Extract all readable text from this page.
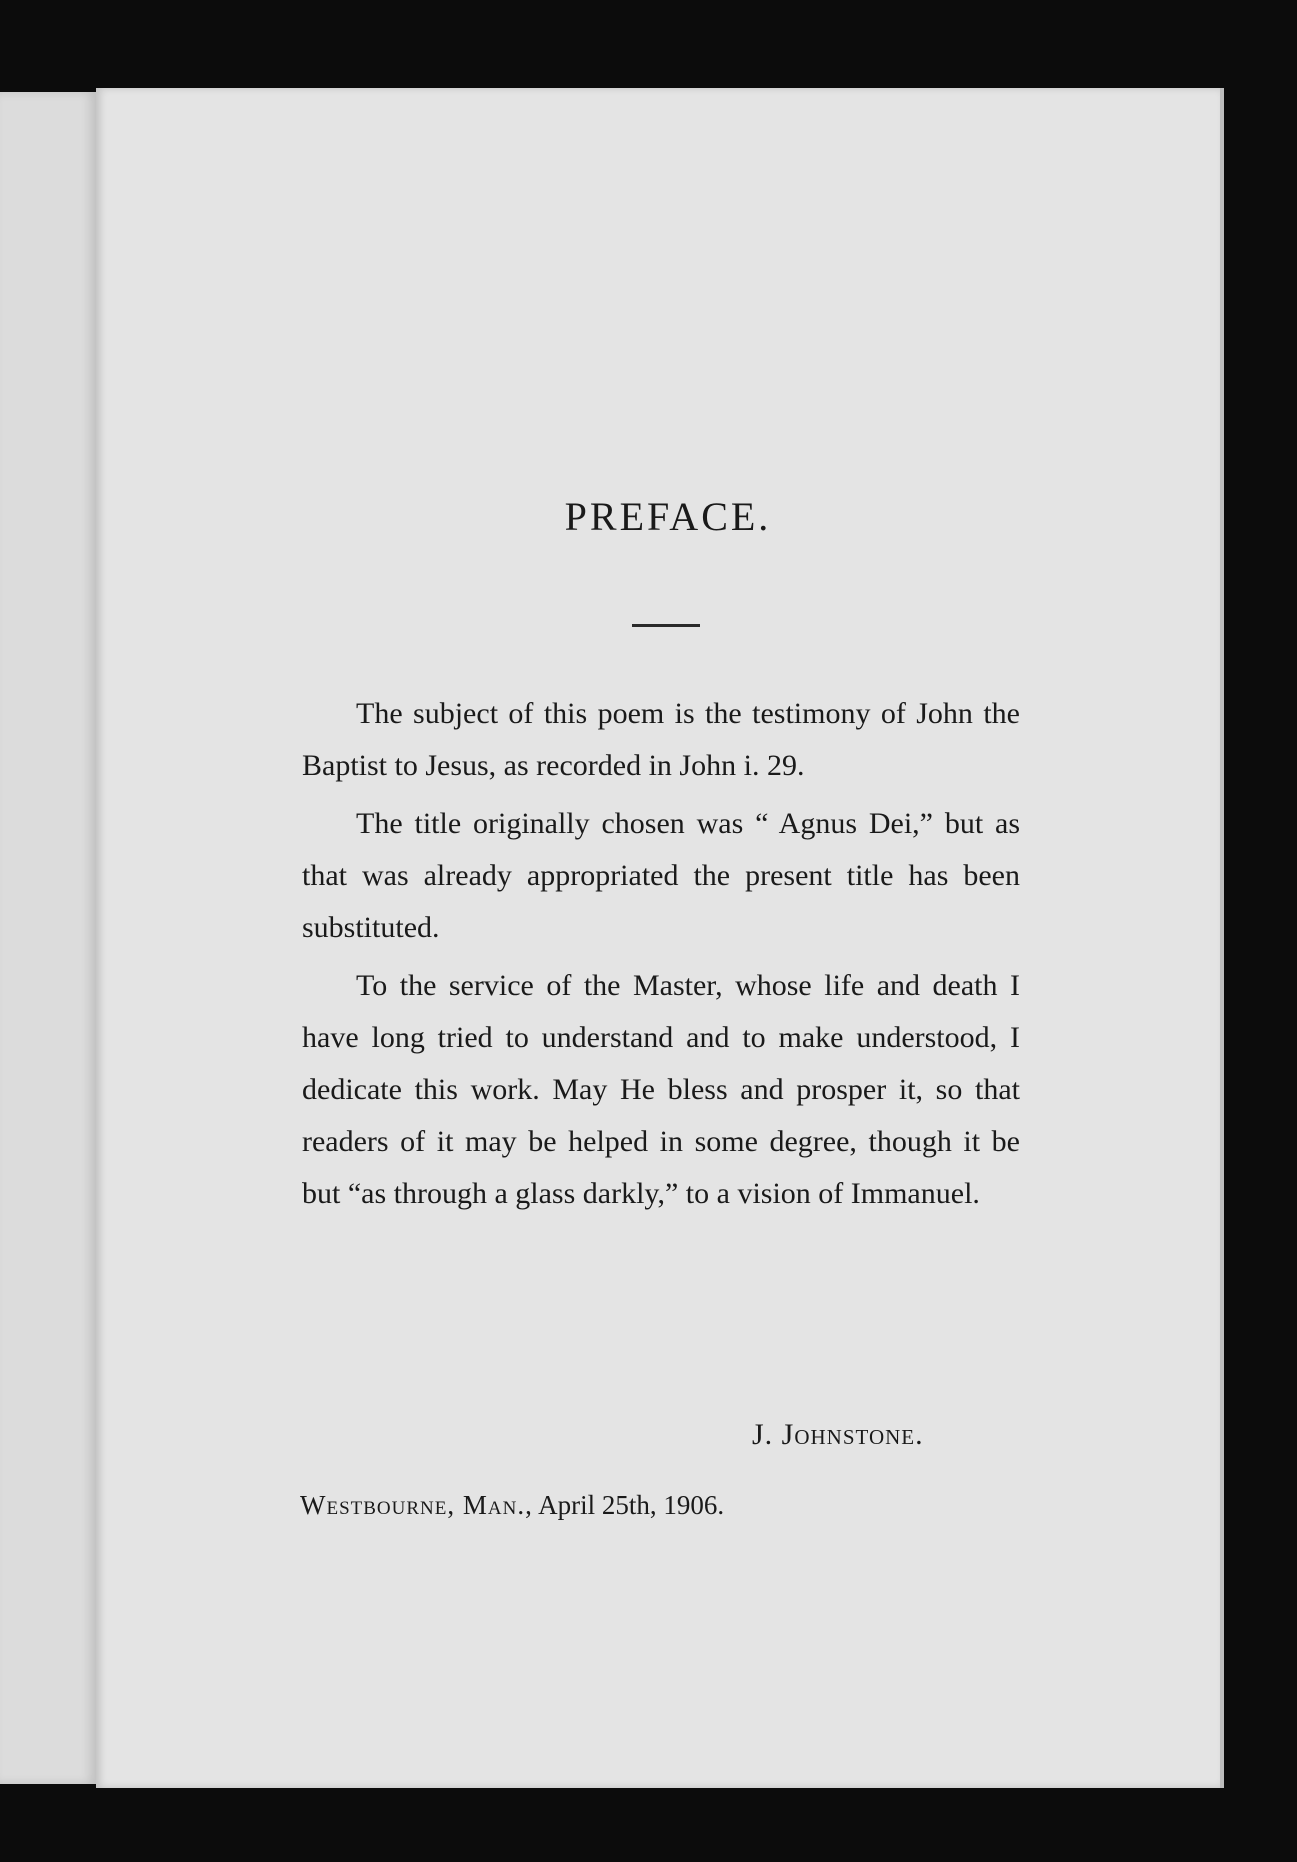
PREFACE.

The subject of this poem is the testimony of John the Baptist to Jesus, as recorded in John i. 29.

The title originally chosen was “ Agnus Dei,” but as that was already appropriated the present title has been substituted.

To the service of the Master, whose life and death I have long tried to understand and to make understood, I dedicate this work. May He bless and prosper it, so that readers of it may be helped in some degree, though it be but “as through a glass darkly,” to a vision of Immanuel.

J. Johnstone.
Westbourne, Man., April 25th, 1906.
